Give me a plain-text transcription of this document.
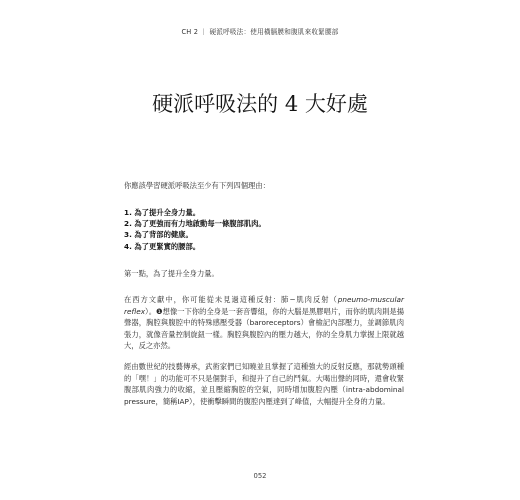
CH 2 ｜ 硬派呼吸法：使用橫膈膜和腹肌來收緊腰部
硬派呼吸法的 4 大好處
你應該學習硬派呼吸法至少有下列四個理由：
1. 為了提升全身力量。
2. 為了更強而有力地啟動每一條腹部肌肉。
3. 為了背部的健康。
4. 為了更緊實的腰部。
第一點，為了提升全身力量。

在西方文獻中，你可能從未見過這種反射：肺−肌肉反射（pneumo-muscular reflex）。❶想像一下你的全身是一套音響組，你的大腦是黑膠唱片，而你的肌肉則是揚聲器，胸腔與腹腔中的特殊感壓受器（baroreceptors）會檢記內部壓力，並調節肌肉張力，就像音量控制旋鈕一樣。胸腔與腹腔內的壓力越大，你的全身肌力掌握上限就越大，反之亦然。

經由數世紀的技藝傳承，武術家們已知曉並且掌握了這種強大的反射反應，那就勢頭種的「嘿！」的功能可不只是個對手，和提升了自己的鬥氣。大喝出聲的同時，還會收緊腹部肌肉強力的收縮，並且壓縮胸腔的空氣，同時增加腹腔內壓（intra-abdominal pressure，簡稱IAP），使衝擊瞬間的腹腔內壓達到了峰值，大幅提升全身的力量。

052
